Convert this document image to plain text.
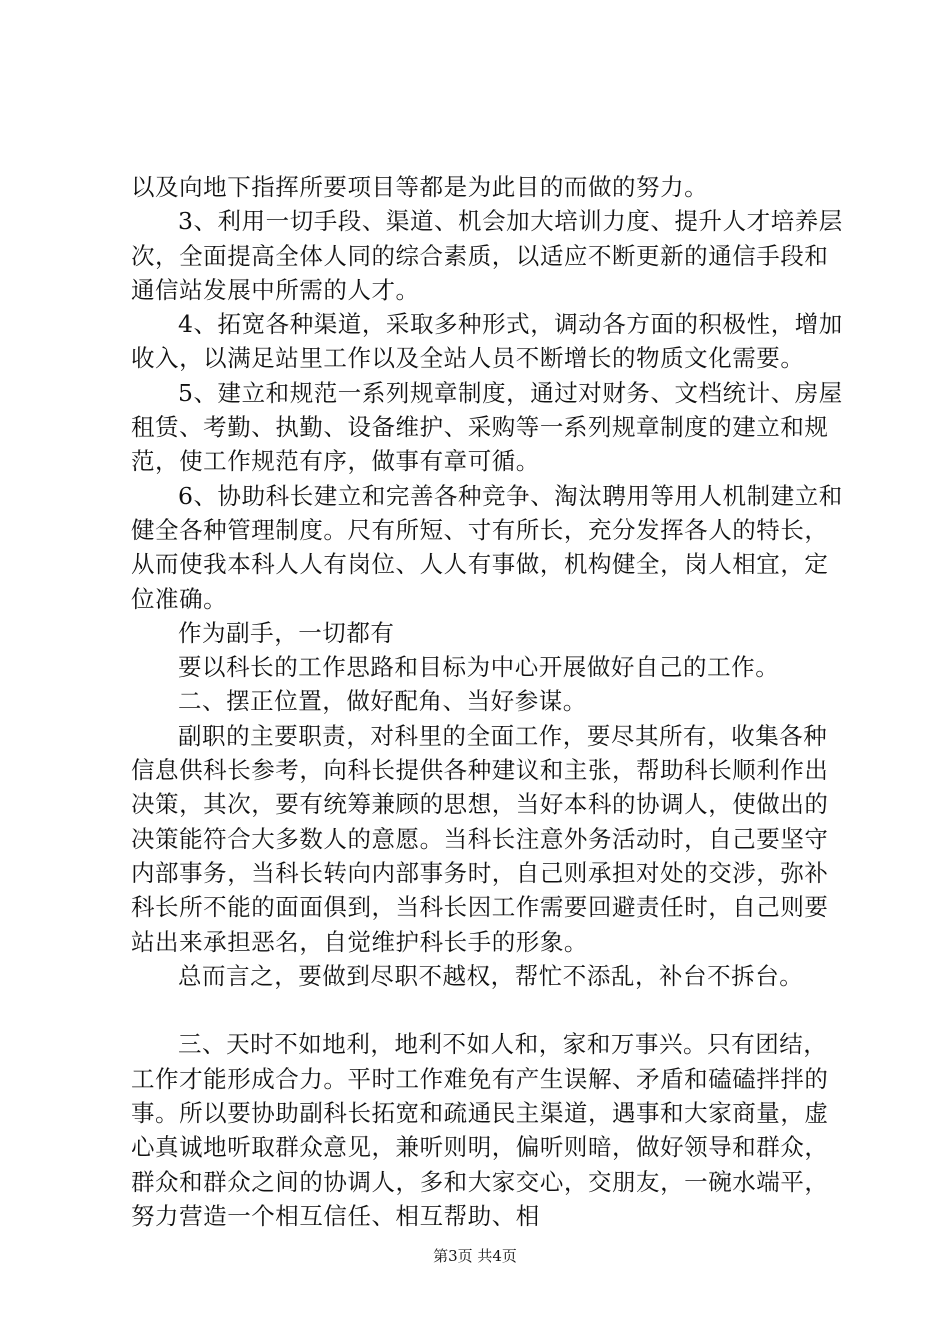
以及向地下指挥所要项目等都是为此目的而做的努力。

3、利用一切手段、渠道、机会加大培训力度、提升人才培养层次，全面提高全体人同的综合素质，以适应不断更新的通信手段和通信站发展中所需的人才。

4、拓宽各种渠道，采取多种形式，调动各方面的积极性，增加收入，以满足站里工作以及全站人员不断增长的物质文化需要。

5、建立和规范一系列规章制度，通过对财务、文档统计、房屋租赁、考勤、执勤、设备维护、采购等一系列规章制度的建立和规范，使工作规范有序，做事有章可循。

6、协助科长建立和完善各种竞争、淘汰聘用等用人机制建立和健全各种管理制度。尺有所短、寸有所长，充分发挥各人的特长，从而使我本科人人有岗位、人人有事做，机构健全，岗人相宜，定位准确。

作为副手，一切都有

要以科长的工作思路和目标为中心开展做好自己的工作。

二、摆正位置，做好配角、当好参谋。

副职的主要职责，对科里的全面工作，要尽其所有，收集各种信息供科长参考，向科长提供各种建议和主张，帮助科长顺利作出决策，其次，要有统筹兼顾的思想，当好本科的协调人，使做出的决策能符合大多数人的意愿。当科长注意外务活动时，自己要坚守内部事务，当科长转向内部事务时，自己则承担对处的交涉，弥补科长所不能的面面俱到，当科长因工作需要回避责任时，自己则要站出来承担恶名，自觉维护科长手的形象。

总而言之，要做到尽职不越权，帮忙不添乱，补台不拆台。

三、天时不如地利，地利不如人和，家和万事兴。只有团结，工作才能形成合力。平时工作难免有产生误解、矛盾和磕磕拌拌的事。所以要协助副科长拓宽和疏通民主渠道，遇事和大家商量，虚心真诚地听取群众意见，兼听则明，偏听则暗，做好领导和群众，群众和群众之间的协调人，多和大家交心，交朋友，一碗水端平，努力营造一个相互信任、相互帮助、相

第3页 共4页
